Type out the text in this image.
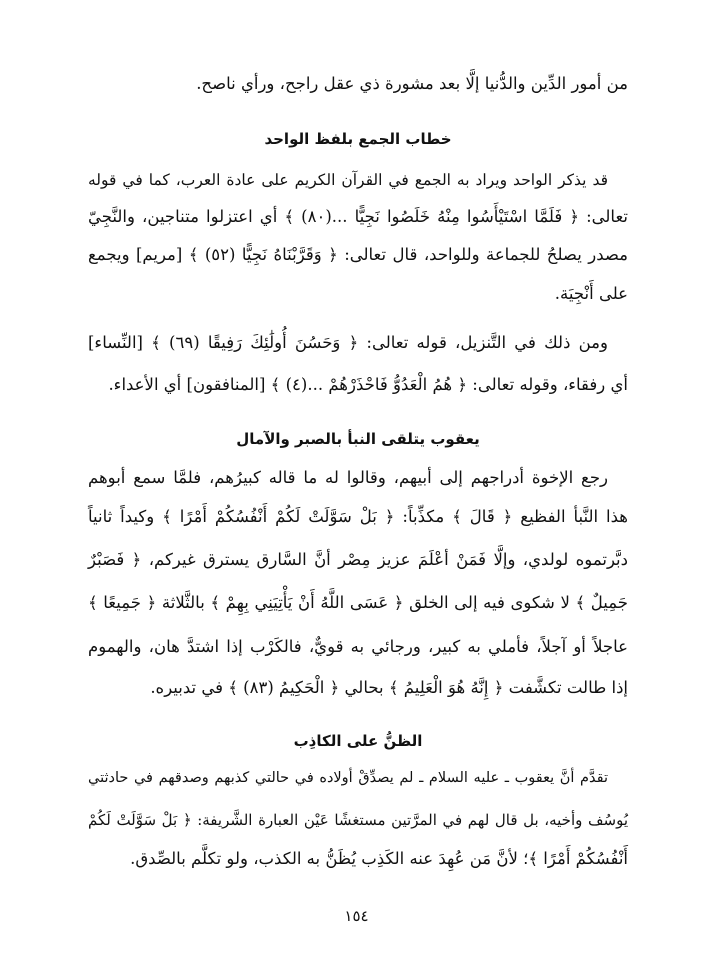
من أمور الدِّين والدُّنيا إلَّا بعد مشورة ذي عقل راجح، ورأي ناصح.
خطاب الجمع بلفظ الواحد
قد يذكر الواحد ويراد به الجمع في القرآن الكريم على عادة العرب، كما في قوله
تعالى: ﴿ فَلَمَّا اسْتَيْأَسُوا مِنْهُ خَلَصُوا نَجِيًّا ...(٨٠) ﴾ أي اعتزلوا متناجين، والنَّجِيّ
مصدر يصلحُ للجماعة وللواحد، قال تعالى: ﴿ وَقَرَّبْنَاهُ نَجِيًّا (٥٢) ﴾ [مريم] ويجمع
على أَنْجِيَة.
ومن ذلك في التَّنزيل، قوله تعالى: ﴿ وَحَسُنَ أُولَٰئِكَ رَفِيقًا (٦٩) ﴾ [النِّساء]
أي رفقاء، وقوله تعالى: ﴿ هُمُ الْعَدُوُّ فَاحْذَرْهُمْ ...(٤) ﴾ [المنافقون] أي الأعداء.
يعقوب يتلقى النبأ بالصبر والآمال
رجع الإخوة أدراجهم إلى أبيهم، وقالوا له ما قاله كبيرُهم، فلمَّا سمع أبوهم
هذا النَّبأ الفظيع ﴿ قَالَ ﴾ مكذِّباً: ﴿ بَلْ سَوَّلَتْ لَكُمْ أَنْفُسُكُمْ أَمْرًا ﴾ وكيداً ثانياً
دبَّرتموه لولدي، وإلَّا فَمَنْ أعْلَمَ عزيز مِصْر أنَّ السَّارق يسترق غيركم، ﴿ فَصَبْرٌ
جَمِيلٌ ﴾ لا شكوى فيه إلى الخلق ﴿ عَسَى اللَّهُ أَنْ يَأْتِيَنِي بِهِمْ ﴾ بالثَّلاثة ﴿ جَمِيعًا ﴾
عاجلاً أو آجلاً، فأملي به كبير، ورجائي به قويٌّ، فالكَرْب إذا اشتدَّ هان، والهموم
إذا طالت تكشَّفت ﴿ إِنَّهُ هُوَ الْعَلِيمُ ﴾ بحالي ﴿ الْحَكِيمُ (٨٣) ﴾ في تدبيره.
الظنُّ على الكاذِب
تقدَّم أنَّ يعقوب ـ عليه السلام ـ لم يصدِّقْ أولاده في حالتي كذبهم وصدقهم في حادثتي
يُوسُف وأخيه، بل قال لهم في المرَّتين مستغشًا عَيْن العبارة الشَّريفة: ﴿ بَلْ سَوَّلَتْ لَكُمْ
أَنْفُسُكُمْ أَمْرًا ﴾؛ لأنَّ مَن عُهِدَ عنه الكَذِب يُظَنُّ به الكذب، ولو تكلَّم بالصِّدق.
١٥٤
